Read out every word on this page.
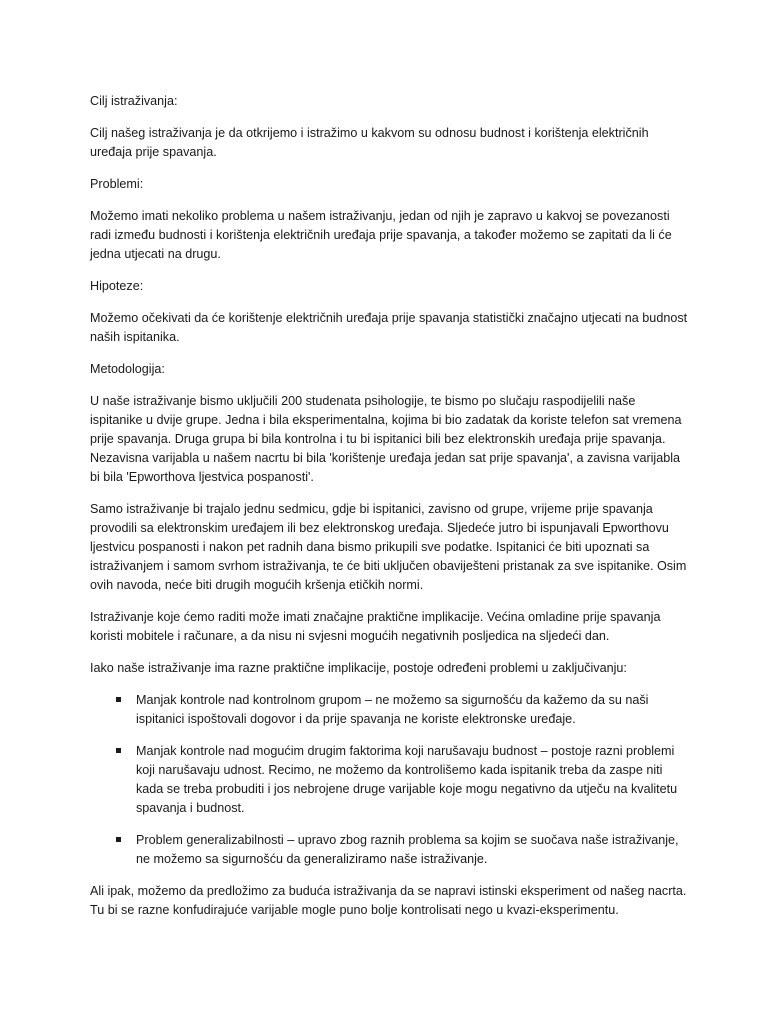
Cilj istraživanja:

Cilj našeg istraživanja je da otkrijemo i istražimo u kakvom su odnosu budnost i korištenja električnih uređaja prije spavanja.

Problemi:

Možemo imati nekoliko problema u našem istraživanju, jedan od njih je zapravo u kakvoj se povezanosti radi između budnosti i korištenja električnih uređaja prije spavanja, a također možemo se zapitati da li će jedna utjecati na drugu.

Hipoteze:

Možemo očekivati da će korištenje električnih uređaja prije spavanja statistički značajno utjecati na budnost naših ispitanika.

Metodologija:

U naše istraživanje bismo uključili 200 studenata psihologije, te bismo po slučaju raspodijelili naše ispitanike u dvije grupe. Jedna i bila eksperimentalna, kojima bi bio zadatak da koriste telefon sat vremena prije spavanja. Druga grupa bi bila kontrolna i tu bi ispitanici bili bez elektronskih uređaja prije spavanja. Nezavisna varijabla u našem nacrtu bi bila 'korištenje uređaja jedan sat prije spavanja', a zavisna varijabla bi bila 'Epworthova ljestvica pospanosti'.

Samo istraživanje bi trajalo jednu sedmicu, gdje bi ispitanici, zavisno od grupe, vrijeme prije spavanja provodili sa elektronskim uređajem ili bez elektronskog uređaja. Sljedeće jutro bi ispunjavali Epworthovu ljestvicu pospanosti i nakon pet radnih dana bismo prikupili sve podatke. Ispitanici će biti upoznati sa istraživanjem i samom svrhom istraživanja, te će biti uključen obaviješteni pristanak za sve ispitanike. Osim ovih navoda, neće biti drugih mogućih kršenja etičkih normi.

Istraživanje koje ćemo raditi može imati značajne praktične implikacije. Većina omladine prije spavanja koristi mobitele i računare, a da nisu ni svjesni mogućih negativnih posljedica na sljedeći dan.

Iako naše istraživanje ima razne praktične implikacije, postoje određeni problemi u zaključivanju:

Manjak kontrole nad kontrolnom grupom – ne možemo sa sigurnošću da kažemo da su naši ispitanici ispoštovali dogovor i da prije spavanja ne koriste elektronske uređaje.
Manjak kontrole nad mogućim drugim faktorima koji narušavaju budnost – postoje razni problemi koji narušavaju udnost. Recimo, ne možemo da kontrolišemo kada ispitanik treba da zaspe niti kada se treba probuditi i jos nebrojene druge varijable koje mogu negativno da utječu na kvalitetu spavanja i budnost.
Problem generalizabilnosti – upravo zbog raznih problema sa kojim se suočava naše istraživanje, ne možemo sa sigurnošću da generaliziramo naše istraživanje.

Ali ipak, možemo da predložimo za buduća istraživanja da se napravi istinski eksperiment od našeg nacrta. Tu bi se razne konfudirajuće varijable mogle puno bolje kontrolisati nego u kvazi-eksperimentu.
